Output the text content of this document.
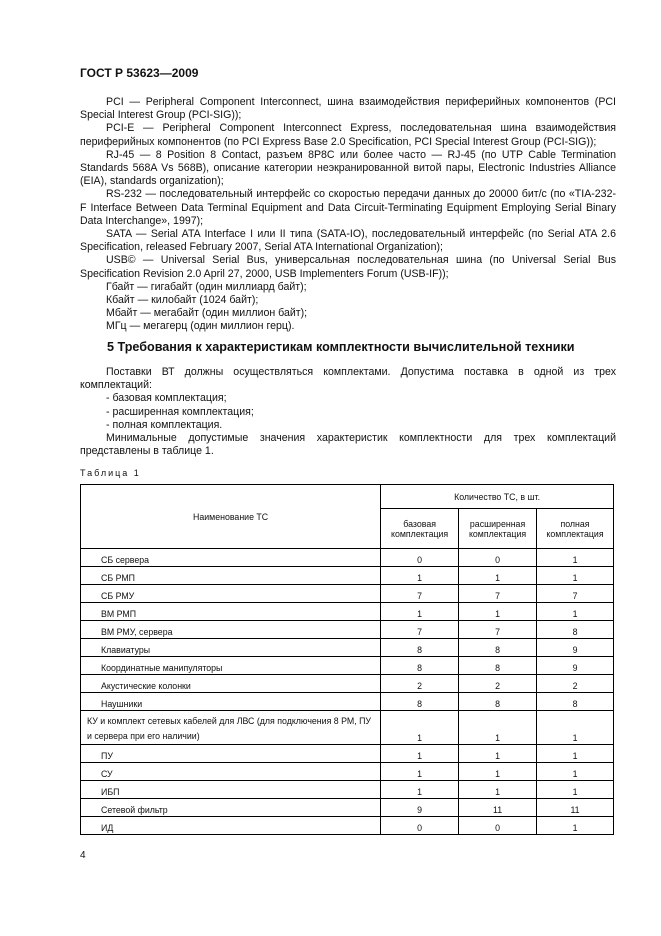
ГОСТ Р 53623—2009

PCI — Peripheral Component Interconnect, шина взаимодействия периферийных компонентов (PCI Special Interest Group (PCI-SIG));

PCI-E — Peripheral Component Interconnect Express, последовательная шина взаимодействия периферийных компонентов (по PCI Express Base 2.0 Specification, PCI Special Interest Group (PCI-SIG));

RJ-45 — 8 Position 8 Contact, разъем 8P8C или более часто — RJ-45 (по UTP Cable Termination Standards 568A Vs 568B), описание категории неэкранированной витой пары, Electronic Industries Alliance (EIA), standards organization);

RS-232 — последовательный интерфейс со скоростью передачи данных до 20000 бит/с (по «TIA-232-F Interface Between Data Terminal Equipment and Data Circuit-Terminating Equipment Employing Serial Binary Data Interchange», 1997);

SATA — Serial ATA Interface I или II типа (SATA-IO), последовательный интерфейс (по Serial ATA 2.6 Specification, released February 2007, Serial ATA International Organization);

USB© — Universal Serial Bus, универсальная последовательная шина (по Universal Serial Bus Specification Revision 2.0 April 27, 2000, USB Implementers Forum (USB-IF));

Гбайт — гигабайт (один миллиард байт);

Кбайт — килобайт (1024 байт);

Мбайт — мегабайт (один миллион байт);

МГц — мегагерц (один миллион герц).

5 Требования к характеристикам комплектности вычислительной техники

Поставки ВТ должны осуществляться комплектами. Допустима поставка в одной из трех комплектаций:

- базовая комплектация;
- расширенная комплектация;
- полная комплектация.

Минимальные допустимые значения характеристик комплектности для трех комплектаций представлены в таблице 1.

Таблица 1
Наименование ТС	Количество ТС, в шт.		
	базовая комплектация	расширенная комплектация	полная комплектация
СБ сервера	0	0	1
СБ РМП	1	1	1
СБ РМУ	7	7	7
ВМ РМП	1	1	1
ВМ РМУ, сервера	7	7	8
Клавиатуры	8	8	9
Координатные манипуляторы	8	8	9
Акустические колонки	2	2	2
Наушники	8	8	8
КУ и комплект сетевых кабелей для ЛВС (для подключения 8 РМ, ПУ и сервера при его наличии)	1	1	1
ПУ	1	1	1
СУ	1	1	1
ИБП	1	1	1
Сетевой фильтр	9	11	11
ИД	0	0	1
4
